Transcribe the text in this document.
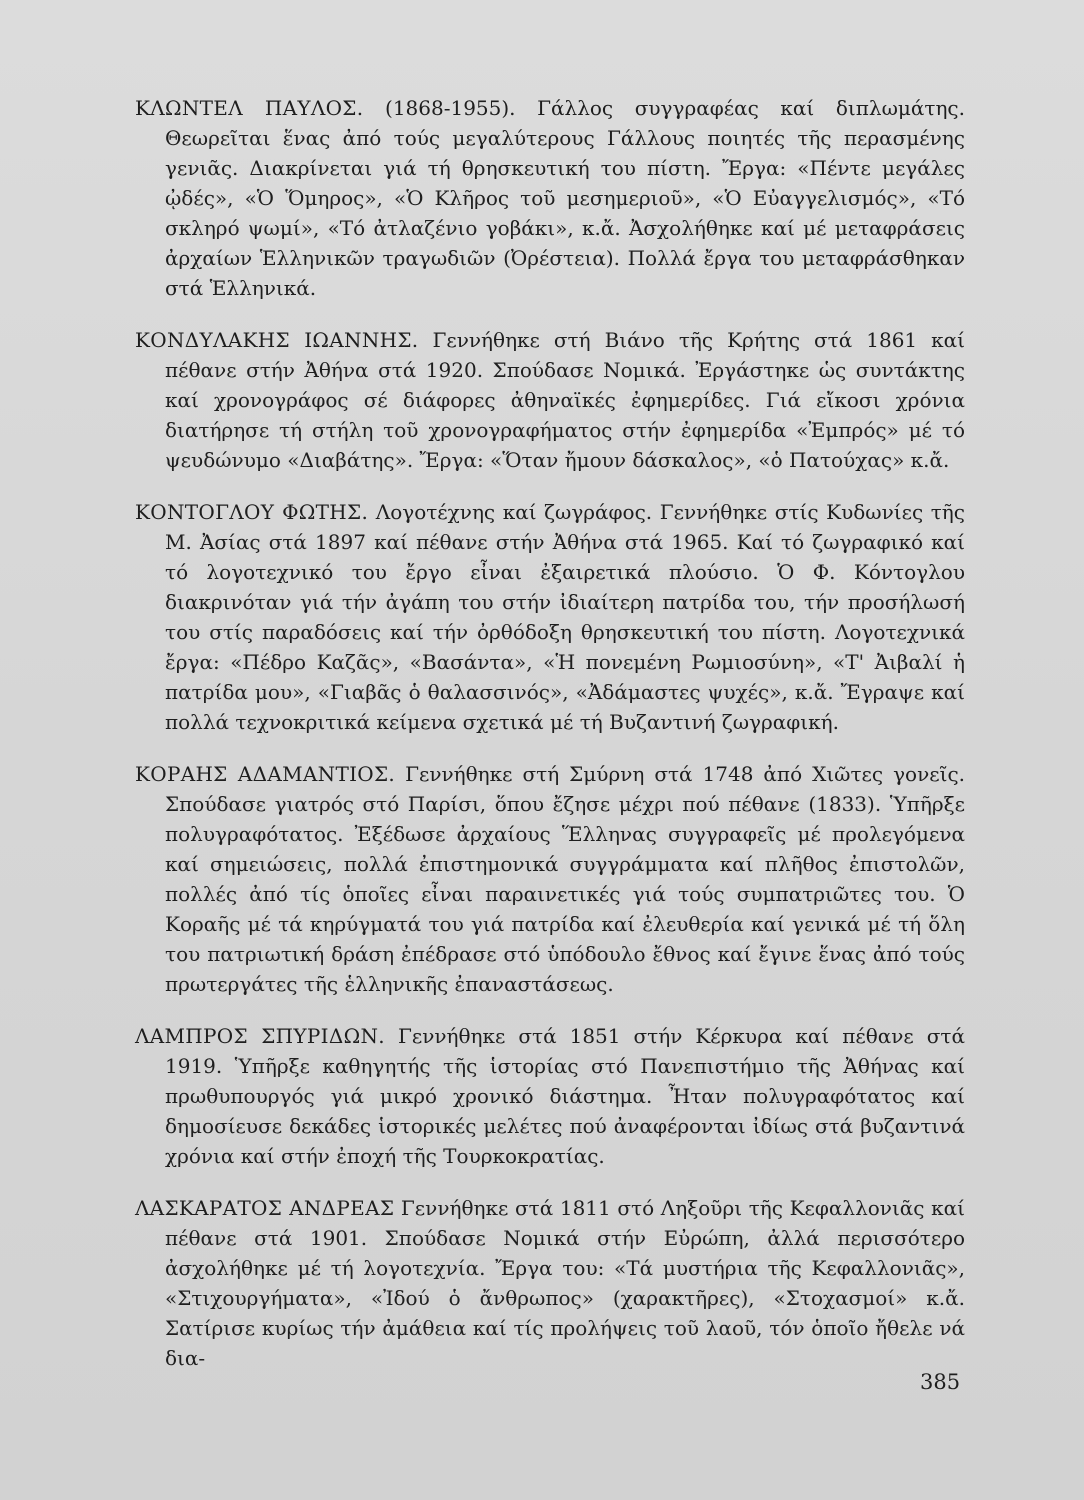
ΚΛΩΝΤΕΛ ΠΑΥΛΟΣ. (1868-1955). Γάλλος συγγραφέας καί διπλωμάτης. Θεωρεῖται ἕνας ἀπό τούς μεγαλύτερους Γάλλους ποιητές τῆς περασμένης γενιᾶς. Διακρίνεται γιά τή θρησκευτική του πίστη. Ἔργα: «Πέντε μεγάλες ᾠδές», «Ὁ Ὅμηρος», «Ὁ Κλῆρος τοῦ μεσημεριοῦ», «Ὁ Εὐαγγελισμός», «Τό σκληρό ψωμί», «Τό ἀτλαζένιο γοβάκι», κ.ἄ. Ἀσχολήθηκε καί μέ μεταφράσεις ἀρχαίων Ἑλληνικῶν τραγωδιῶν (Ὀρέστεια). Πολλά ἔργα του μεταφράσθηκαν στά Ἑλληνικά.

ΚΟΝΔΥΛΑΚΗΣ ΙΩΑΝΝΗΣ. Γεννήθηκε στή Βιάνο τῆς Κρήτης στά 1861 καί πέθανε στήν Ἀθήνα στά 1920. Σπούδασε Νομικά. Ἐργάστηκε ὡς συντάκτης καί χρονογράφος σέ διάφορες ἀθηναϊκές ἐφημερίδες. Γιά εἴκοσι χρόνια διατήρησε τή στήλη τοῦ χρονογραφήματος στήν ἐφημερίδα «Ἐμπρός» μέ τό ψευδώνυμο «Διαβάτης». Ἔργα: «Ὅταν ἤμουν δάσκαλος», «ὁ Πατούχας» κ.ἄ.

ΚΟΝΤΟΓΛΟΥ ΦΩΤΗΣ. Λογοτέχνης καί ζωγράφος. Γεννήθηκε στίς Κυδωνίες τῆς Μ. Ἀσίας στά 1897 καί πέθανε στήν Ἀθήνα στά 1965. Καί τό ζωγραφικό καί τό λογοτεχνικό του ἔργο εἶναι ἐξαιρετικά πλούσιο. Ὁ Φ. Κόντογλου διακρινόταν γιά τήν ἀγάπη του στήν ἰδιαίτερη πατρίδα του, τήν προσήλωσή του στίς παραδόσεις καί τήν ὀρθόδοξη θρησκευτική του πίστη. Λογοτεχνικά ἔργα: «Πέδρο Καζᾶς», «Βασάντα», «Ἡ πονεμένη Ρωμιοσύνη», «Τ' Ἀιβαλί ἡ πατρίδα μου», «Γιαβᾶς ὁ θαλασσινός», «Ἀδάμαστες ψυχές», κ.ἄ. Ἔγραψε καί πολλά τεχνοκριτικά κείμενα σχετικά μέ τή Βυζαντινή ζωγραφική.

ΚΟΡΑΗΣ ΑΔΑΜΑΝΤΙΟΣ. Γεννήθηκε στή Σμύρνη στά 1748 ἀπό Χιῶτες γονεῖς. Σπούδασε γιατρός στό Παρίσι, ὅπου ἔζησε μέχρι πού πέθανε (1833). Ὑπῆρξε πολυγραφότατος. Ἐξέδωσε ἀρχαίους Ἕλληνας συγγραφεῖς μέ προλεγόμενα καί σημειώσεις, πολλά ἐπιστημονικά συγγράμματα καί πλῆθος ἐπιστολῶν, πολλές ἀπό τίς ὁποῖες εἶναι παραινετικές γιά τούς συμπατριῶτες του. Ὁ Κοραῆς μέ τά κηρύγματά του γιά πατρίδα καί ἐλευθερία καί γενικά μέ τή ὅλη του πατριωτική δράση ἐπέδρασε στό ὑπόδουλο ἔθνος καί ἔγινε ἕνας ἀπό τούς πρωτεργάτες τῆς ἑλληνικῆς ἐπαναστάσεως.

ΛΑΜΠΡΟΣ ΣΠΥΡΙΔΩΝ. Γεννήθηκε στά 1851 στήν Κέρκυρα καί πέθανε στά 1919. Ὑπῆρξε καθηγητής τῆς ἱστορίας στό Πανεπιστήμιο τῆς Ἀθήνας καί πρωθυπουργός γιά μικρό χρονικό διάστημα. Ἦταν πολυγραφότατος καί δημοσίευσε δεκάδες ἱστορικές μελέτες πού ἀναφέρονται ἰδίως στά βυζαντινά χρόνια καί στήν ἐποχή τῆς Τουρκοκρατίας.

ΛΑΣΚΑΡΑΤΟΣ ΑΝΔΡΕΑΣ Γεννήθηκε στά 1811 στό Ληξοῦρι τῆς Κεφαλλονιᾶς καί πέθανε στά 1901. Σπούδασε Νομικά στήν Εὐρώπη, ἀλλά περισσότερο ἀσχολήθηκε μέ τή λογοτεχνία. Ἔργα του: «Τά μυστήρια τῆς Κεφαλλονιᾶς», «Στιχουργήματα», «Ἰδού ὁ ἄνθρωπος» (χαρακτῆρες), «Στοχασμοί» κ.ἄ. Σατίρισε κυρίως τήν ἀμάθεια καί τίς προλήψεις τοῦ λαοῦ, τόν ὁποῖο ἤθελε νά δια-

385
